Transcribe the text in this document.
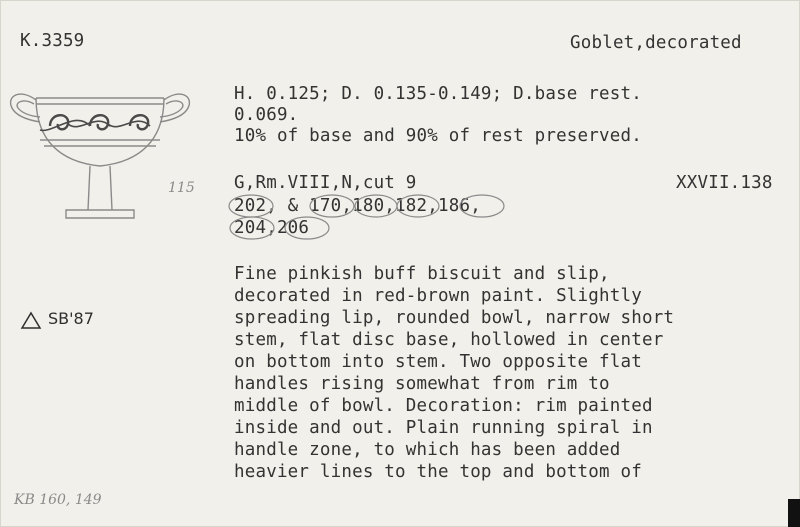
K.3359	Goblet,decorated
H. 0.125; D. 0.135-0.149; D.base rest.
0.069.
10% of base and 90% of rest preserved.
115 G,Rm.VIII,N,cut 9	XXVII.138
202, & 170,180,182,186,
204,206
SB'87
Fine pinkish buff biscuit and slip,
decorated in red-brown paint. Slightly
spreading lip, rounded bowl, narrow short
stem, flat disc base, hollowed in center
on bottom into stem. Two opposite flat
handles rising somewhat from rim to
middle of bowl. Decoration: rim painted
inside and out. Plain running spiral in
handle zone, to which has been added
heavier lines to the top and bottom of
KB 160, 149
